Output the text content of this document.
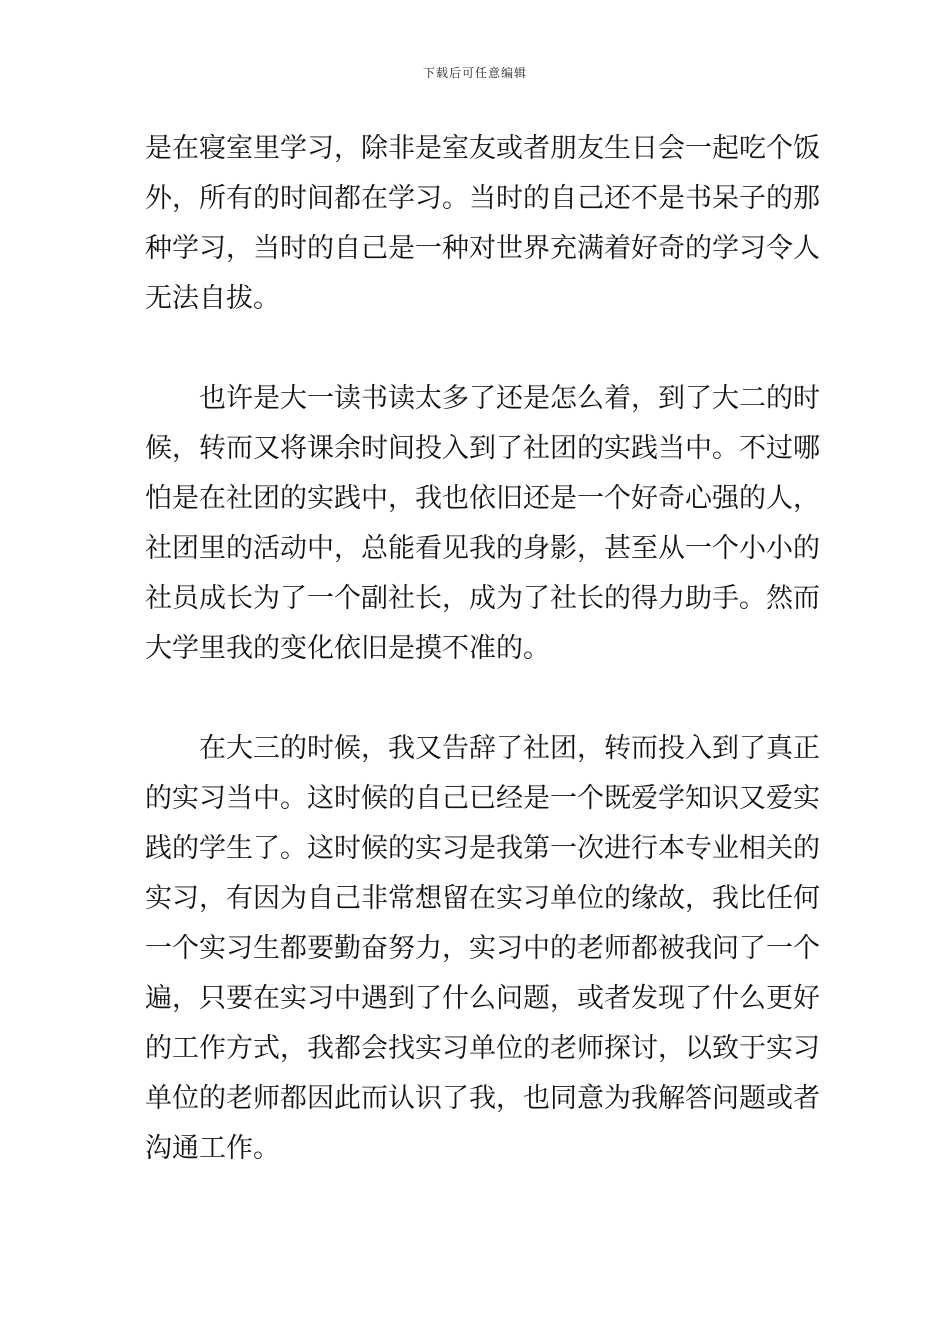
下载后可任意编辑
是在寝室里学习，除非是室友或者朋友生日会一起吃个饭
外，所有的时间都在学习。当时的自己还不是书呆子的那
种学习，当时的自己是一种对世界充满着好奇的学习令人
无法自拔。
也许是大一读书读太多了还是怎么着，到了大二的时
候，转而又将课余时间投入到了社团的实践当中。不过哪
怕是在社团的实践中，我也依旧还是一个好奇心强的人，
社团里的活动中，总能看见我的身影，甚至从一个小小的
社员成长为了一个副社长，成为了社长的得力助手。然而
大学里我的变化依旧是摸不准的。
在大三的时候，我又告辞了社团，转而投入到了真正
的实习当中。这时候的自己已经是一个既爱学知识又爱实
践的学生了。这时候的实习是我第一次进行本专业相关的
实习，有因为自己非常想留在实习单位的缘故，我比任何
一个实习生都要勤奋努力，实习中的老师都被我问了一个
遍，只要在实习中遇到了什么问题，或者发现了什么更好
的工作方式，我都会找实习单位的老师探讨，以致于实习
单位的老师都因此而认识了我，也同意为我解答问题或者
沟通工作。
